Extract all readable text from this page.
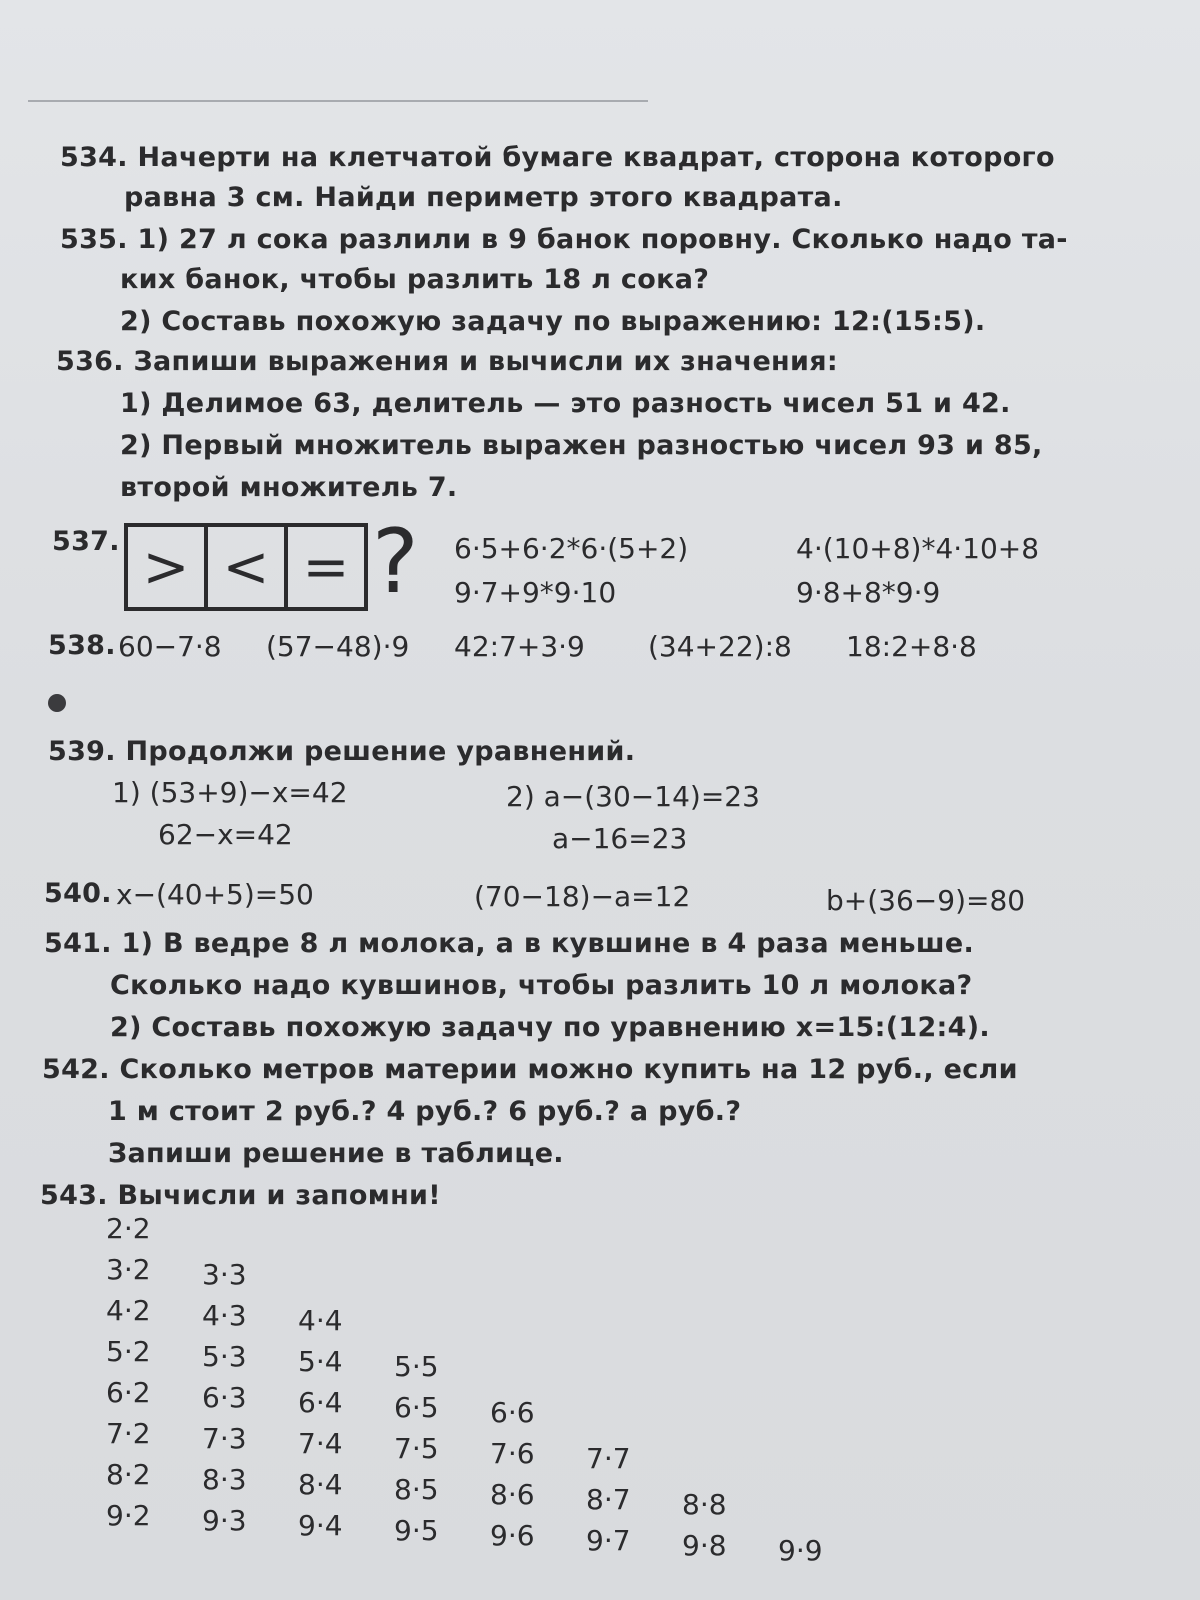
534. Начерти на клетчатой бумаге квадрат, сторона которого
равна 3 см. Найди периметр этого квадрата.
535. 1) 27 л сока разлили в 9 банок поровну. Сколько надо та-
ких банок, чтобы разлить 18 л сока?
2) Составь похожую задачу по выражению: 12:(15:5).
536. Запиши выражения и вычисли их значения:
1) Делимое 63, делитель — это разность чисел 51 и 42.
2) Первый множитель выражен разностью чисел 93 и 85,
второй множитель 7.
537. > < = ? 6·5+6·2*6·(5+2)	4·(10+8)*4·10+8
9·7+9*9·10	9·8+8*9·9
538. 60−7·8 (57−48)·9 42:7+3·9 (34+22):8 18:2+8·8
539. Продолжи решение уравнений.
1) (53+9)−x=42
62−x=42
2) a−(30−14)=23
a−16=23
540. x−(40+5)=50	(70−18)−a=12	b+(36−9)=80
541. 1) В ведре 8 л молока, а в кувшине в 4 раза меньше.
Сколько надо кувшинов, чтобы разлить 10 л молока?
2) Составь похожую задачу по уравнению x=15:(12:4).
542. Сколько метров материи можно купить на 12 руб., если
1 м стоит 2 руб.? 4 руб.? 6 руб.? a руб.?
Запиши решение в таблице.
543. Вычисли и запомни!
2·2
3·2 3·3
4·2 4·3 4·4
5·2 5·3 5·4 5·5
6·2 6·3 6·4 6·5 6·6
7·2 7·3 7·4 7·5 7·6 7·7
8·2 8·3 8·4 8·5 8·6 8·7 8·8
9·2 9·3 9·4 9·5 9·6 9·7 9·8 9·9
